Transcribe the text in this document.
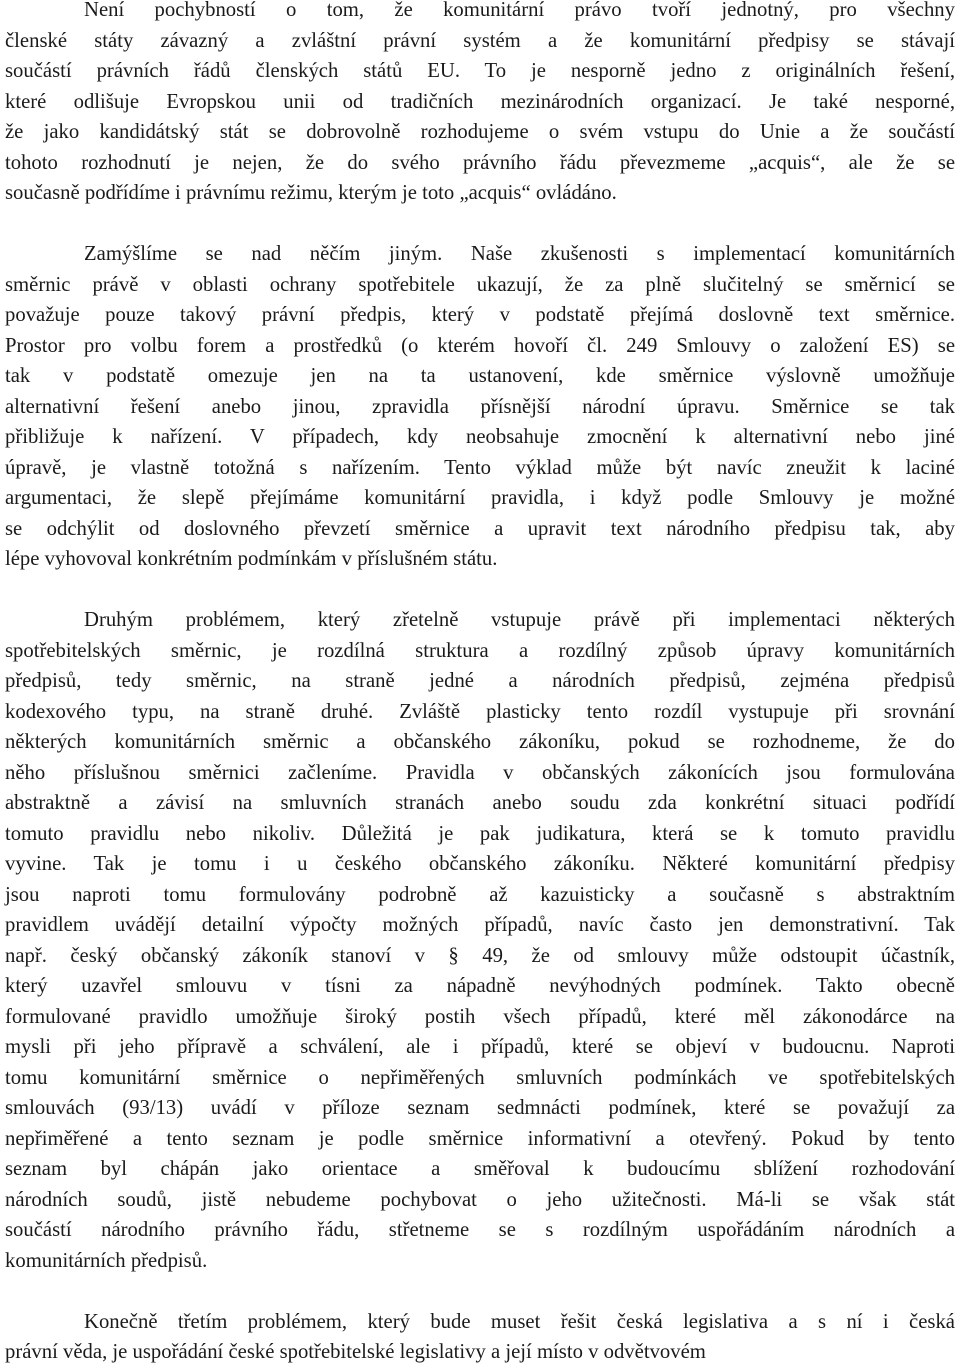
Není pochybností o tom, že komunitární právo tvoří jednotný, pro všechny
členské státy závazný a zvláštní právní systém a že komunitární předpisy se stávají
součástí právních řádů členských států EU. To je nesporně jedno z originálních řešení,
které odlišuje Evropskou unii od tradičních mezinárodních organizací. Je také nesporné,
že jako kandidátský stát se dobrovolně rozhodujeme o svém vstupu do Unie a že součástí
tohoto rozhodnutí je nejen, že do svého právního řádu převezmeme „acquis“, ale že se
současně podřídíme i právnímu režimu, kterým je toto „acquis“ ovládáno.
Zamýšlíme se nad něčím jiným. Naše zkušenosti s implementací komunitárních
směrnic právě v oblasti ochrany spotřebitele ukazují, že za plně slučitelný se směrnicí se
považuje pouze takový právní předpis, který v podstatě přejímá doslovně text směrnice.
Prostor pro volbu forem a prostředků (o kterém hovoří čl. 249 Smlouvy o založení ES) se
tak v podstatě omezuje jen na ta ustanovení, kde směrnice výslovně umožňuje
alternativní řešení anebo jinou, zpravidla přísnější národní úpravu. Směrnice se tak
přibližuje k nařízení. V případech, kdy neobsahuje zmocnění k alternativní nebo jiné
úpravě, je vlastně totožná s nařízením. Tento výklad může být navíc zneužit k laciné
argumentaci, že slepě přejímáme komunitární pravidla, i když podle Smlouvy je možné
se odchýlit od doslovného převzetí směrnice a upravit text národního předpisu tak, aby
lépe vyhovoval konkrétním podmínkám v příslušném státu.
Druhým problémem, který zřetelně vstupuje právě při implementaci některých
spotřebitelských směrnic, je rozdílná struktura a rozdílný způsob úpravy komunitárních
předpisů, tedy směrnic, na straně jedné a národních předpisů, zejména předpisů
kodexového typu, na straně druhé. Zvláště plasticky tento rozdíl vystupuje při srovnání
některých komunitárních směrnic a občanského zákoníku, pokud se rozhodneme, že do
něho příslušnou směrnici začleníme. Pravidla v občanských zákonících jsou formulována
abstraktně a závisí na smluvních stranách anebo soudu zda konkrétní situaci podřídí
tomuto pravidlu nebo nikoliv. Důležitá je pak judikatura, která se k tomuto pravidlu
vyvine. Tak je tomu i u českého občanského zákoníku. Některé komunitární předpisy
jsou naproti tomu formulovány podrobně až kazuisticky a současně s abstraktním
pravidlem uvádějí detailní výpočty možných případů, navíc často jen demonstrativní. Tak
např. český občanský zákoník stanoví v § 49, že od smlouvy může odstoupit účastník,
který uzavřel smlouvu v tísni za nápadně nevýhodných podmínek. Takto obecně
formulované pravidlo umožňuje široký postih všech případů, které měl zákonodárce na
mysli při jeho přípravě a schválení, ale i případů, které se objeví v budoucnu. Naproti
tomu komunitární směrnice o nepřiměřených smluvních podmínkách ve spotřebitelských
smlouvách (93/13) uvádí v příloze seznam sedmnácti podmínek, které se považují za
nepřiměřené a tento seznam je podle směrnice informativní a otevřený. Pokud by tento
seznam byl chápán jako orientace a směřoval k budoucímu sblížení rozhodování
národních soudů, jistě nebudeme pochybovat o jeho užitečnosti. Má-li se však stát
součástí národního právního řádu, střetneme se s rozdílným uspořádáním národních a
komunitárních předpisů.
Konečně třetím problémem, který bude muset řešit česká legislativa a s ní i česká
právní věda, je uspořádání české spotřebitelské legislativy a její místo v odvětvovém
